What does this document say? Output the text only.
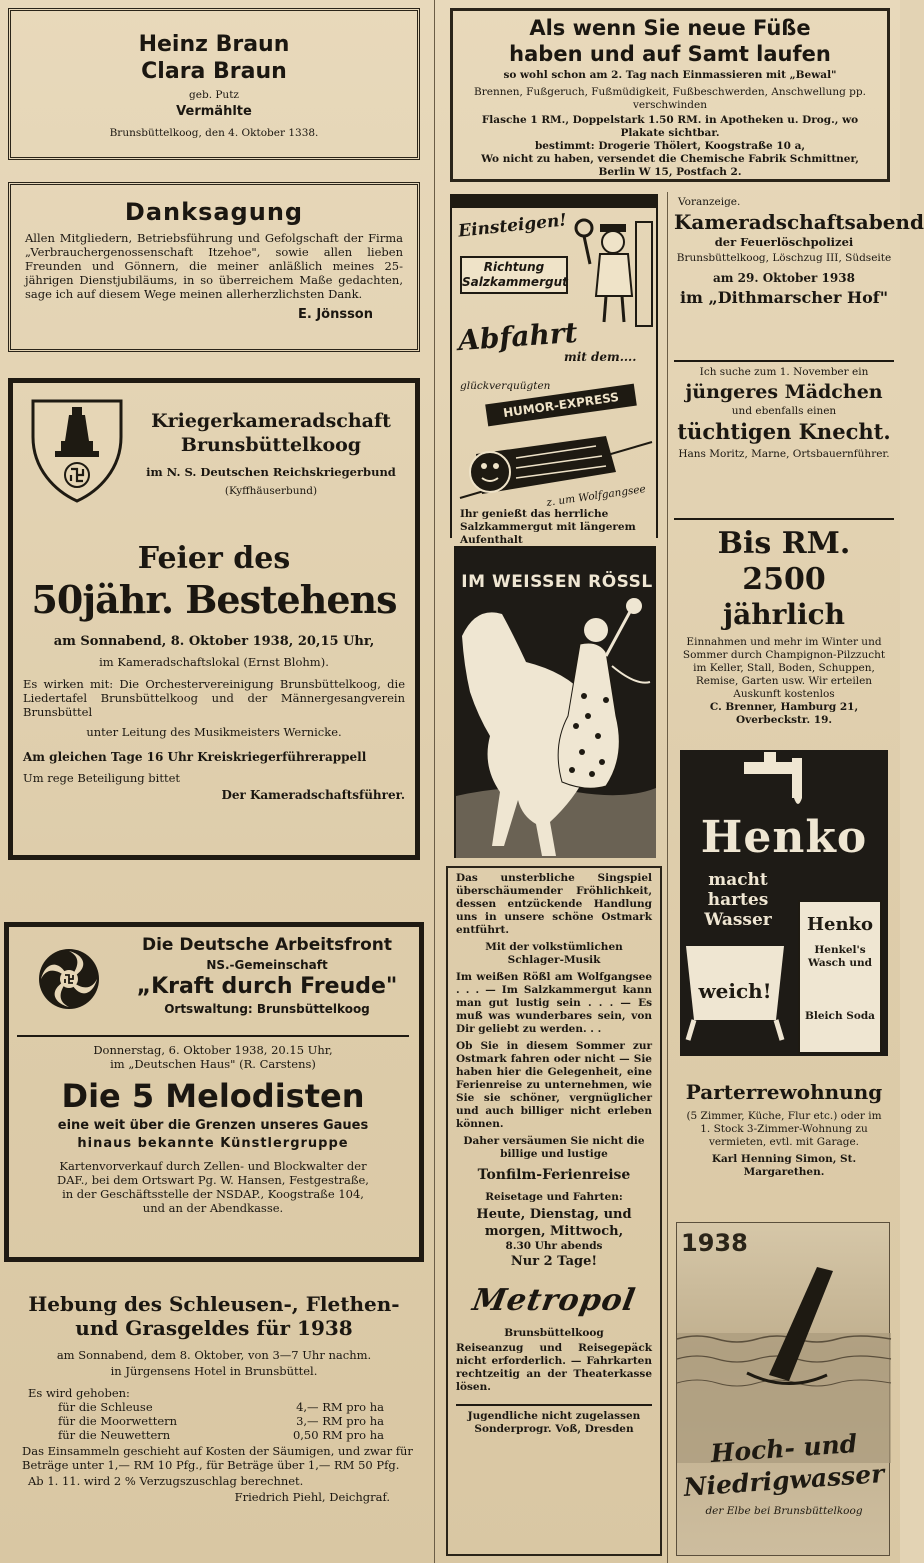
Heinz Braun

Clara Braun

geb. Putz

Vermählte

Brunsbüttelkoog, den 4. Oktober 1338.

Danksagung

Allen Mitgliedern, Betriebsführung und Gefolgschaft der Firma „Verbrauchergenossenschaft Itzehoe", sowie allen lieben Freunden und Gönnern, die meiner anläßlich meines 25-jährigen Dienstjubiläums, in so überreichem Maße gedachten, sage ich auf diesem Wege meinen allerherzlichsten Dank.

E. Jönsson

Kriegerkameradschaft

Brunsbüttelkoog

im N. S. Deutschen Reichskriegerbund

(Kyffhäuserbund)

Feier des

50jähr. Bestehens

am Sonnabend, 8. Oktober 1938, 20,15 Uhr,

im Kameradschaftslokal (Ernst Blohm).

Es wirken mit: Die Orchestervereinigung Brunsbüttelkoog, die Liedertafel Brunsbüttelkoog und der Männergesangverein Brunsbüttel

unter Leitung des Musikmeisters Wernicke.

Am gleichen Tage 16 Uhr Kreiskriegerführerappell

Um rege Beteiligung bittet

Der Kameradschaftsführer.

Die Deutsche Arbeitsfront

NS.-Gemeinschaft

„Kraft durch Freude"

Ortswaltung: Brunsbüttelkoog

Donnerstag, 6. Oktober 1938, 20.15 Uhr,

im „Deutschen Haus" (R. Carstens)

Die 5 Melodisten

eine weit über die Grenzen unseres Gaues

hinaus bekannte Künstlergruppe

Kartenvorverkauf durch Zellen- und Blockwalter der DAF., bei dem Ortswart Pg. W. Hansen, Festgestraße, in der Geschäftsstelle der NSDAP., Koogstraße 104, und an der Abendkasse.

Hebung des Schleusen-, Flethen-

und Grasgeldes für 1938

am Sonnabend, dem 8. Oktober, von 3—7 Uhr nachm.

in Jürgensens Hotel in Brunsbüttel.

Es wird gehoben:

für die Schleuse	4,— RM pro ha
für die Moorwettern	3,— RM pro ha
für die Neuwettern	0,50 RM pro ha

Das Einsammeln geschieht auf Kosten der Säumigen, und zwar für Beträge unter 1,— RM 10 Pfg., für Beträge über 1,— RM 50 Pfg.

Ab 1. 11. wird 2 % Verzugszuschlag berechnet.

Friedrich Piehl, Deichgraf.

Als wenn Sie neue Füße

haben und auf Samt laufen

so wohl schon am 2. Tag nach Einmassieren mit „Bewal"

Brennen, Fußgeruch, Fußmüdigkeit, Fußbeschwerden, Anschwellung pp. verschwinden

Flasche 1 RM., Doppelstark 1.50 RM. in Apotheken u. Drog., wo Plakate sichtbar.

bestimmt: Drogerie Thölert, Koogstraße 10 a,

Wo nicht zu haben, versendet die Chemische Fabrik Schmittner, Berlin W 15, Postfach 2.

Einsteigen!

Richtung Salzkammergut

Abfahrt

mit dem....

glückverquügten

HUMOR-EXPRESS

z. um Wolfgangsee

Ihr genießt das herrliche Salzkammergut mit längerem Aufenthalt

IM WEISSEN RÖSSL

Das unsterbliche Singspiel überschäumender Fröhlichkeit, dessen entzückende Handlung uns in unsere schöne Ostmark entführt.

Mit der volkstümlichen Schlager-Musik

Im weißen Rößl am Wolfgangsee . . . — Im Salzkammergut kann man gut lustig sein . . . — Es muß was wunderbares sein, von Dir geliebt zu werden. . .

Ob Sie in diesem Sommer zur Ostmark fahren oder nicht — Sie haben hier die Gelegenheit, eine Ferienreise zu unternehmen, wie Sie sie schöner, vergnüglicher und auch billiger nicht erleben können.

Daher versäumen Sie nicht die billige und lustige

Tonfilm-Ferienreise

Reisetage und Fahrten:

Heute, Dienstag, und morgen, Mittwoch,

8.30 Uhr abends

Nur 2 Tage!

Metropol

Brunsbüttelkoog

Reiseanzug und Reisegepäck nicht erforderlich. — Fahrkarten rechtzeitig an der Theaterkasse lösen.

Jugendliche nicht zugelassen

Sonderprogr. Voß, Dresden

Voranzeige.

Kameradschaftsabend

der Feuerlöschpolizei

Brunsbüttelkoog, Löschzug III, Südseite

am 29. Oktober 1938

im „Dithmarscher Hof"

Ich suche zum 1. November ein

jüngeres Mädchen

und ebenfalls einen

tüchtigen Knecht.

Hans Moritz, Marne, Ortsbauernführer.

Bis RM. 2500

jährlich

Einnahmen und mehr im Winter und Sommer durch Champignon-Pilzzucht im Keller, Stall, Boden, Schuppen, Remise, Garten usw. Wir erteilen Auskunft kostenlos

C. Brenner, Hamburg 21, Overbeckstr. 19.

Henko

macht

hartes

Wasser

weich!

Henko

Henkel's Wasch und

Bleich Soda

Parterrewohnung

(5 Zimmer, Küche, Flur etc.) oder im 1. Stock 3-Zimmer-Wohnung zu vermieten, evtl. mit Garage.

Karl Henning Simon, St. Margarethen.

1938

Hoch- und

Niedrigwasser

der Elbe bei Brunsbüttelkoog
